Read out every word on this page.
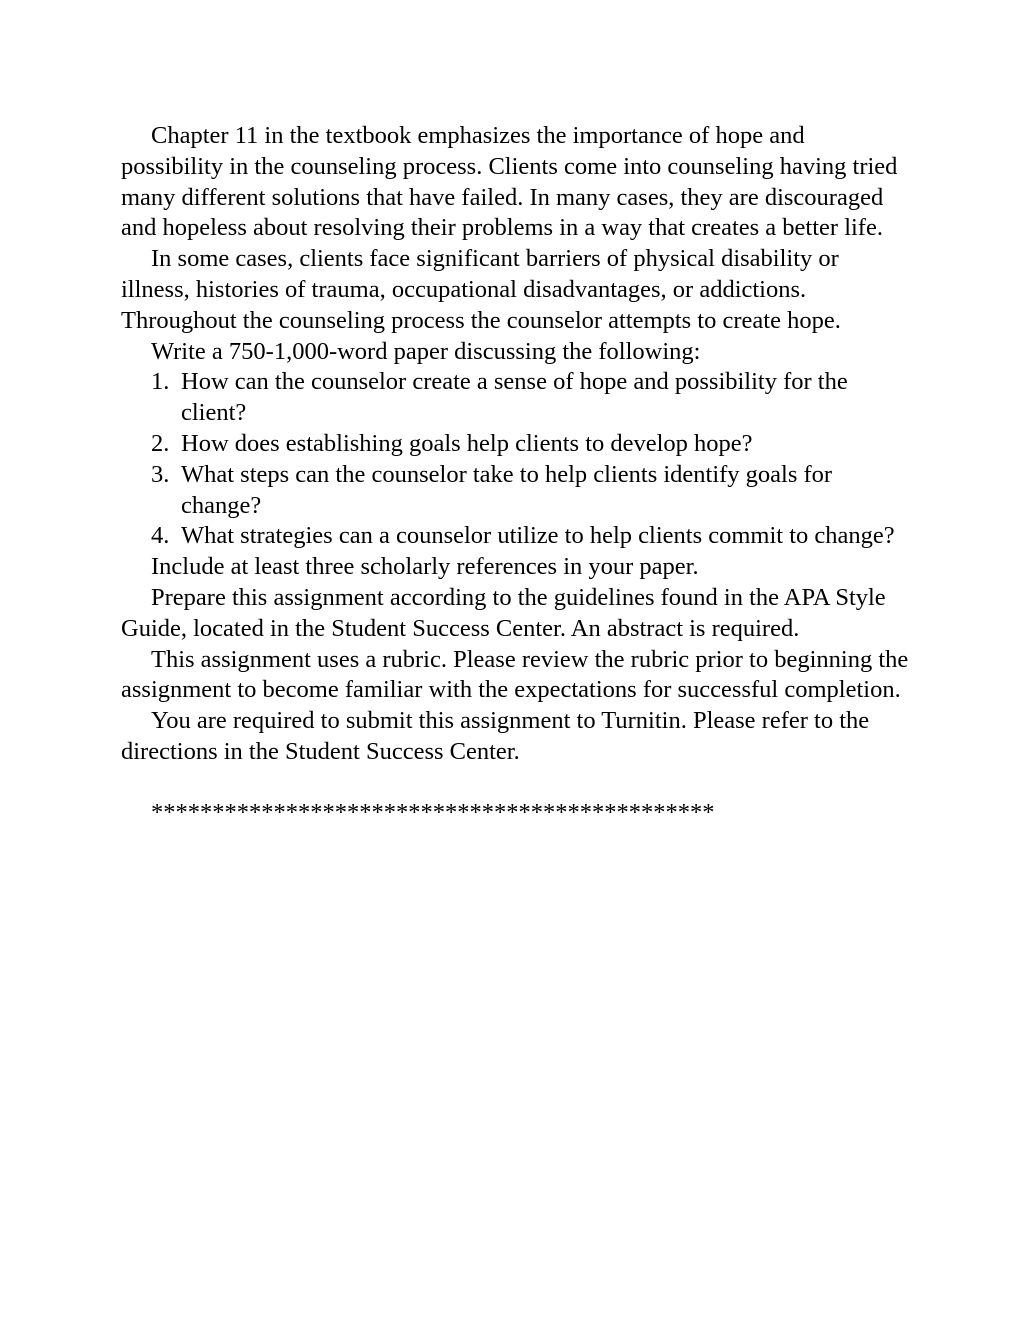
Chapter 11 in the textbook emphasizes the importance of hope and possibility in the counseling process. Clients come into counseling having tried many different solutions that have failed. In many cases, they are discouraged and hopeless about resolving their problems in a way that creates a better life.

In some cases, clients face significant barriers of physical disability or illness, histories of trauma, occupational disadvantages, or addictions. Throughout the counseling process the counselor attempts to create hope.

Write a 750-1,000-word paper discussing the following:

1. How can the counselor create a sense of hope and possibility for the client?
2. How does establishing goals help clients to develop hope?
3. What steps can the counselor take to help clients identify goals for change?
4. What strategies can a counselor utilize to help clients commit to change?

Include at least three scholarly references in your paper.

Prepare this assignment according to the guidelines found in the APA Style Guide, located in the Student Success Center. An abstract is required.

This assignment uses a rubric. Please review the rubric prior to beginning the assignment to become familiar with the expectations for successful completion.

You are required to submit this assignment to Turnitin. Please refer to the directions in the Student Success Center.

**********************************************
